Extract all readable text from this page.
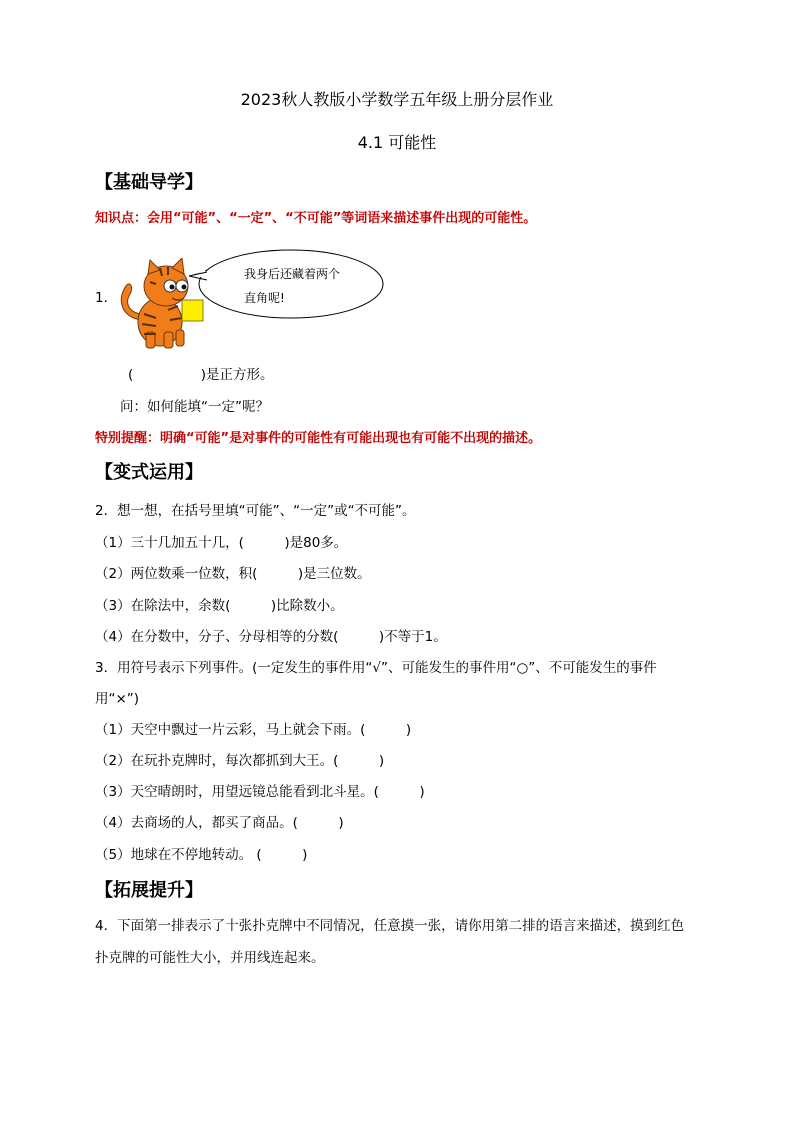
2023秋人教版小学数学五年级上册分层作业
4.1 可能性
【基础导学】
知识点：会用“可能”、“一定”、“不可能”等词语来描述事件出现的可能性。
1．
我身后还藏着两个
直角呢!
(　　　　　)是正方形。
问：如何能填“一定”呢？
特别提醒：明确“可能”是对事件的可能性有可能出现也有可能不出现的描述。
【变式运用】
2．想一想，在括号里填“可能”、“一定”或“不可能”。
（1）三十几加五十几，(　　　)是80多。
（2）两位数乘一位数，积(　　　)是三位数。
（3）在除法中，余数(　　　)比除数小。
（4）在分数中，分子、分母相等的分数(　　　)不等于1。
3．用符号表示下列事件。(一定发生的事件用“√”、可能发生的事件用“○”、不可能发生的事件
用“×”)
（1）天空中飘过一片云彩，马上就会下雨。(　　　)
（2）在玩扑克牌时，每次都抓到大王。(　　　)
（3）天空晴朗时，用望远镜总能看到北斗星。(　　　)
（4）去商场的人，都买了商品。(　　　)
（5）地球在不停地转动。 (　　　)
【拓展提升】
4．下面第一排表示了十张扑克牌中不同情况，任意摸一张，请你用第二排的语言来描述，摸到红色
扑克牌的可能性大小，并用线连起来。
